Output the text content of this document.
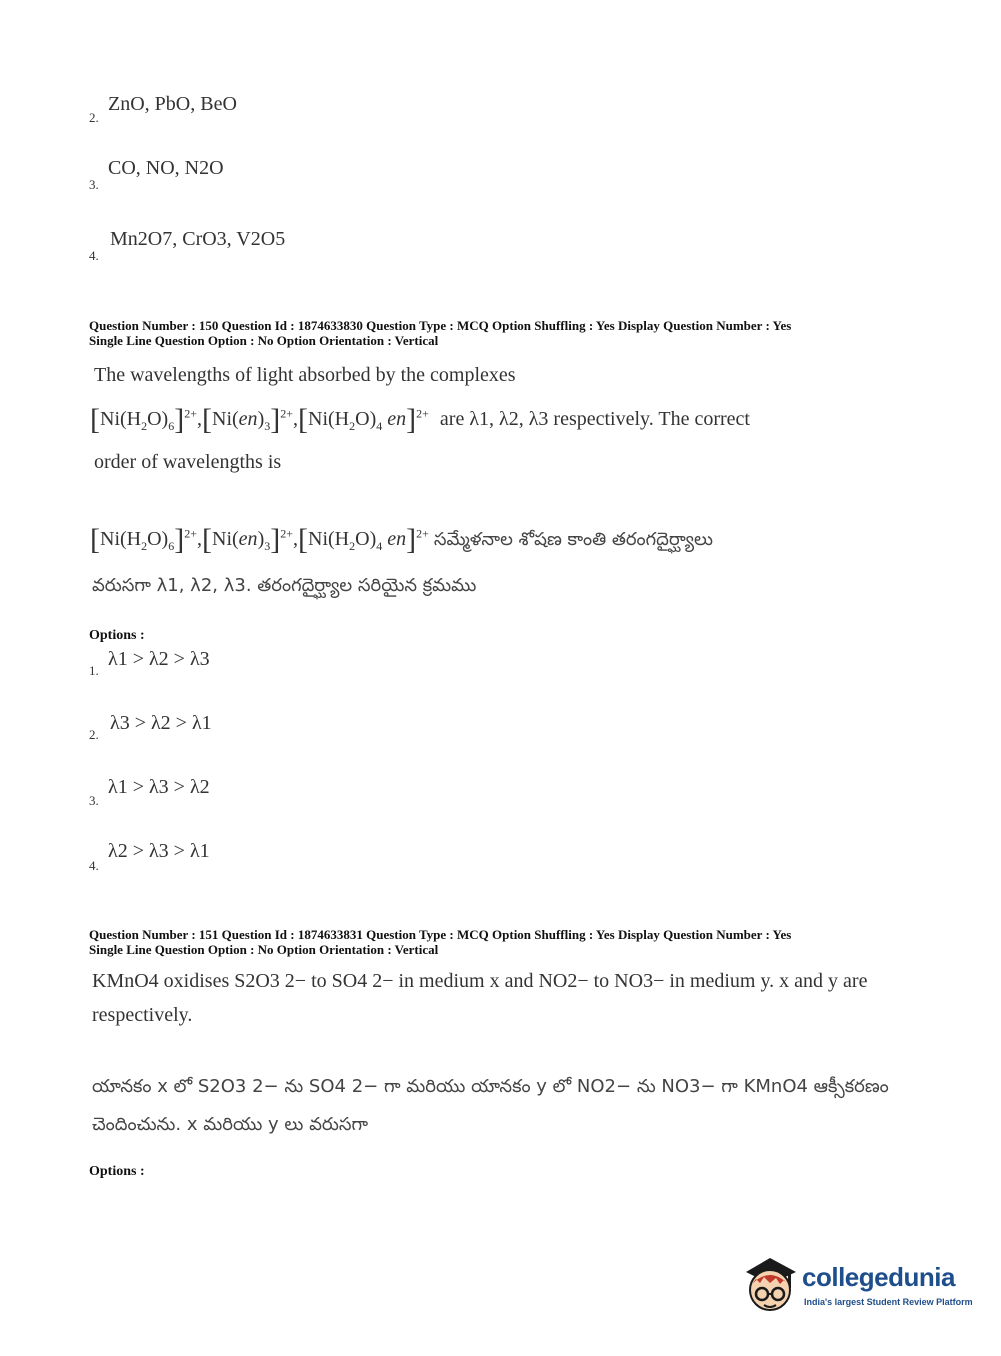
2.
ZnO, PbO, BeO
3.
CO, NO, N2O
4.
Mn2O7, CrO3, V2O5
Question Number : 150 Question Id : 1874633830 Question Type : MCQ Option Shuffling : Yes Display Question Number : Yes
Single Line Question Option : No Option Orientation : Vertical
The wavelengths of light absorbed by the complexes
$[Ni(H_2O)_6]^{2+},[Ni(en)_3]^{2+},[Ni(H_2O)_4$ en]$^{2+}$ are λ1, λ2, λ3 respectively. The correct
order of wavelengths is
$[Ni(H_2O)_6]^{2+},[Ni(en)_3]^{2+},[Ni(H_2O)_4$ en]$^{2+}$ సమ్మేళనాల శోషణ కాంతి తరంగదైర్ఘ్యాలు
వరుసగా λ1, λ2, λ3. తరంగదైర్ఘ్యాల సరియైన క్రమము
Options :
1.
λ1 > λ2 > λ3
2.
λ3 > λ2 > λ1
3.
λ1 > λ3 > λ2
4.
λ2 > λ3 > λ1
Question Number : 151 Question Id : 1874633831 Question Type : MCQ Option Shuffling : Yes Display Question Number : Yes
Single Line Question Option : No Option Orientation : Vertical
KMnO4 oxidises S2O3 2− to SO4 2− in medium x and NO2− to NO3− in medium y. x and y are
respectively.
యానకం x లో S2O3 2− ను SO4 2− గా మరియు యానకం y లో NO2− ను NO3− గా KMnO4 ఆక్సీకరణం
చెందించును. x మరియు y లు వరుసగా
Options :
collegedunia
India's largest Student Review Platform
